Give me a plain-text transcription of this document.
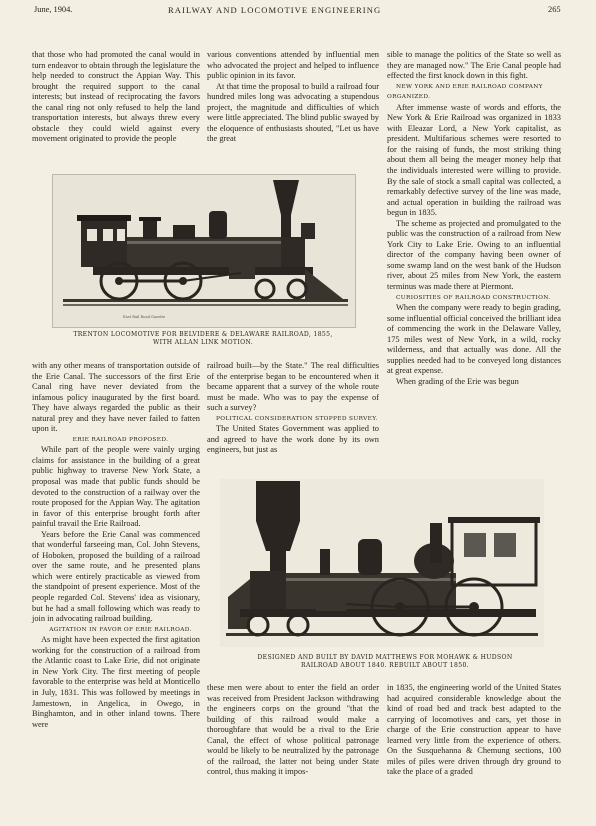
June, 1904.	RAILWAY AND LOCOMOTIVE ENGINEERING	265

that those who had promoted the canal would in turn endeavor to obtain through the legislature the help needed to construct the Appian Way. This brought the required support to the canal interests; but instead of reciprocating the favors the canal ring not only refused to help the land transportation interests, but always threw every obstacle they could wield against every movement originated to provide the people

various conventions attended by influential men who advocated the project and helped to influence public opinion in its favor.

At that time the proposal to build a railroad four hundred miles long was advocating a stupendous project, the magnitude and difficulties of which were little appreciated. The blind public swayed by the eloquence of enthusiasts shouted, "Let us have the great

sible to manage the politics of the State so well as they are managed now." The Erie Canal people had effected the first knock down in this fight.

NEW YORK AND ERIE RAILROAD COMPANY ORGANIZED.

After immense waste of words and efforts, the New York & Erie Railroad was organized in 1833 with Eleazar Lord, a New York capitalist, as president. Multifarious schemes were resorted to for the raising of funds, the most striking thing about them all being the meager money help that the individuals interested were willing to provide. By the sale of stock a small capital was collected, a remarkably defective survey of the line was made, and actual operation in building the railroad was begun in 1835.

The scheme as projected and promulgated to the public was the construction of a railroad from New York City to Lake Erie. Owing to an influential director of the company having been owner of some swamp land on the west bank of the Hudson river, about 25 miles from New York, the eastern terminus was made there at Piermont.

CURIOSITIES OF RAILROAD CONSTRUCTION.

When the company were ready to begin grading, some influential official conceived the brilliant idea of commencing the work in the Delaware Valley, 175 miles west of New York, in a wild, rocky wilderness, and that actually was done. All the supplies needed had to be conveyed long distances at great expense.

When grading of the Erie was begun

East Rail Road Gazette
TRENTON LOCOMOTIVE FOR BELVIDERE & DELAWARE RAILROAD, 1855,
WITH ALLAN LINK MOTION.

with any other means of transportation outside of the Erie Canal. The successors of the first Erie Canal ring have never deviated from the infamous policy inaugurated by the first board. They have always regarded the public as their natural prey and they have never failed to fatten upon it.

ERIE RAILROAD PROPOSED.

While part of the people were vainly urging claims for assistance in the building of a great public highway to traverse New York State, a proposal was made that public funds should be devoted to the construction of a railway over the route proposed for the Appian Way. The agitation in favor of this enterprise brought forth after painful travail the Erie Railroad.

Years before the Erie Canal was commenced that wonderful farseeing man, Col. John Stevens, of Hoboken, proposed the building of a railroad over the same route, and he presented plans which were entirely practicable as viewed from the standpoint of present experience. Most of the people regarded Col. Stevens' idea as visionary, but he had a small following which was ready to join in advocating railroad building.

AGITATION IN FAVOR OF ERIE RAILROAD.

As might have been expected the first agitation working for the construction of a railroad from the Atlantic coast to Lake Erie, did not originate in New York City. The first meeting of people favorable to the enterprise was held at Monticello in July, 1831. This was followed by meetings in Jamestown, in Angelica, in Owego, in Binghamton, and in other inland towns. There were

railroad built—by the State." The real difficulties of the enterprise began to be encountered when it became apparent that a survey of the whole route must be made. Who was to pay the expense of such a survey?

POLITICAL CONSIDERATION STOPPED SURVEY.

The United States Government was applied to and agreed to have the work done by its own engineers, but just as

DESIGNED AND BUILT BY DAVID MATTHEWS FOR MOHAWK & HUDSON
RAILROAD ABOUT 1840. REBUILT ABOUT 1850.

these men were about to enter the field an order was received from President Jackson withdrawing the engineers corps on the ground "that the building of this railroad would make a thoroughfare that would be a rival to the Erie Canal, the effect of whose political patronage would be likely to be neutralized by the patronage of the railroad, the latter not being under State control, thus making it impos-

in 1835, the engineering world of the United States had acquired considerable knowledge about the kind of road bed and track best adapted to the carrying of locomotives and cars, yet those in charge of the Erie construction appear to have learned very little from the experience of others. On the Susquehanna & Chemung sections, 100 miles of piles were driven through dry ground to take the place of a graded
